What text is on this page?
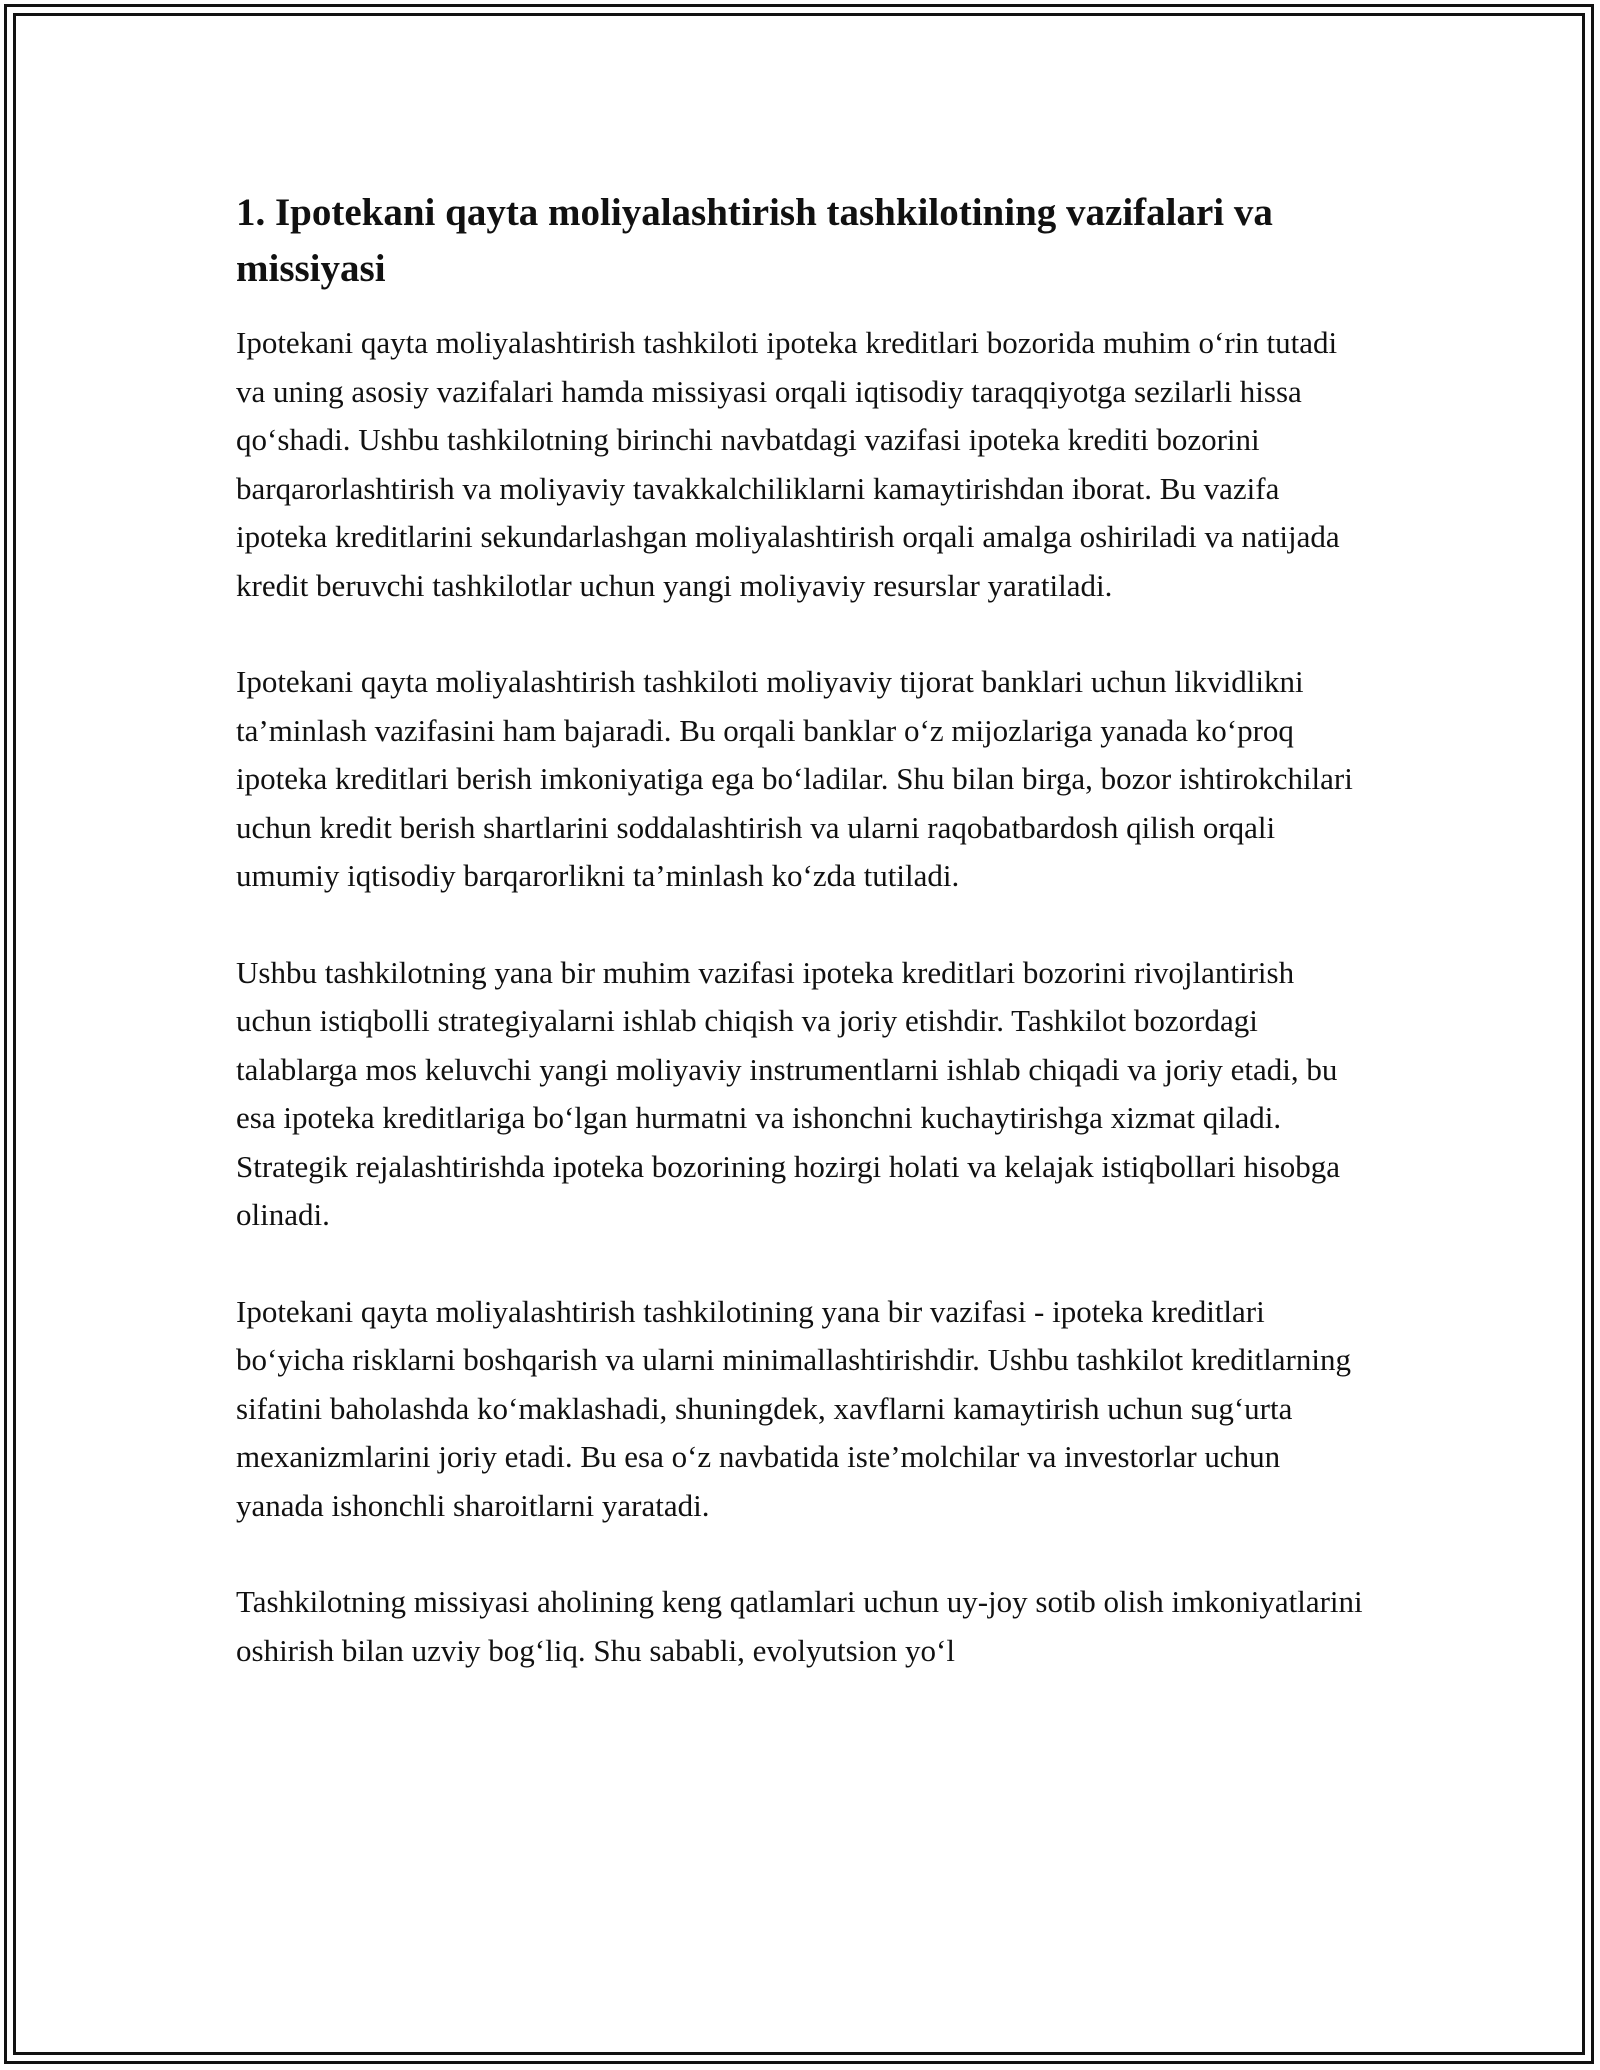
1. Ipotekani qayta moliyalashtirish tashkilotining vazifalari va missiyasi

Ipotekani qayta moliyalashtirish tashkiloti ipoteka kreditlari bozorida muhim o‘rin tutadi va uning asosiy vazifalari hamda missiyasi orqali iqtisodiy taraqqiyotga sezilarli hissa qo‘shadi. Ushbu tashkilotning birinchi navbatdagi vazifasi ipoteka krediti bozorini barqarorlashtirish va moliyaviy tavakkalchiliklarni kamaytirishdan iborat. Bu vazifa ipoteka kreditlarini sekundarlashgan moliyalashtirish orqali amalga oshiriladi va natijada kredit beruvchi tashkilotlar uchun yangi moliyaviy resurslar yaratiladi.

Ipotekani qayta moliyalashtirish tashkiloti moliyaviy tijorat banklari uchun likvidlikni ta’minlash vazifasini ham bajaradi. Bu orqali banklar o‘z mijozlariga yanada ko‘proq ipoteka kreditlari berish imkoniyatiga ega bo‘ladilar. Shu bilan birga, bozor ishtirokchilari uchun kredit berish shartlarini soddalashtirish va ularni raqobatbardosh qilish orqali umumiy iqtisodiy barqarorlikni ta’minlash ko‘zda tutiladi.

Ushbu tashkilotning yana bir muhim vazifasi ipoteka kreditlari bozorini rivojlantirish uchun istiqbolli strategiyalarni ishlab chiqish va joriy etishdir. Tashkilot bozordagi talablarga mos keluvchi yangi moliyaviy instrumentlarni ishlab chiqadi va joriy etadi, bu esa ipoteka kreditlariga bo‘lgan hurmatni va ishonchni kuchaytirishga xizmat qiladi. Strategik rejalashtirishda ipoteka bozorining hozirgi holati va kelajak istiqbollari hisobga olinadi.

Ipotekani qayta moliyalashtirish tashkilotining yana bir vazifasi - ipoteka kreditlari bo‘yicha risklarni boshqarish va ularni minimallashtirishdir. Ushbu tashkilot kreditlarning sifatini baholashda ko‘maklashadi, shuningdek, xavflarni kamaytirish uchun sug‘urta mexanizmlarini joriy etadi. Bu esa o‘z navbatida iste’molchilar va investorlar uchun yanada ishonchli sharoitlarni yaratadi.

Tashkilotning missiyasi aholining keng qatlamlari uchun uy-joy sotib olish imkoniyatlarini oshirish bilan uzviy bog‘liq. Shu sababli, evolyutsion yo‘l
